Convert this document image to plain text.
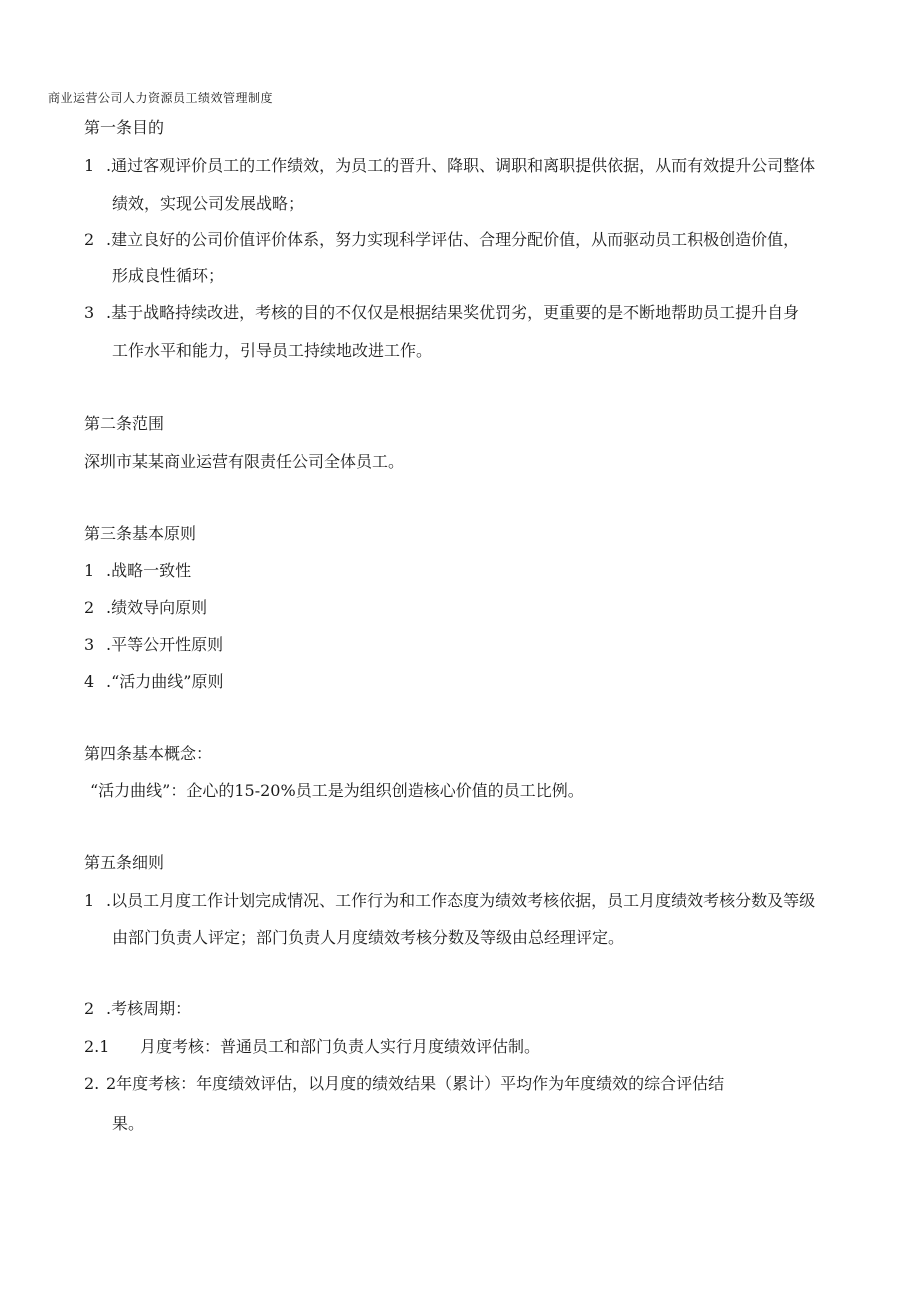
商业运营公司人力资源员工绩效管理制度
第一条目的
1 .通过客观评价员工的工作绩效，为员工的晋升、降职、调职和离职提供依据，从而有效提升公司整体
绩效，实现公司发展战略；
2 .建立良好的公司价值评价体系，努力实现科学评估、合理分配价值，从而驱动员工积极创造价值，
形成良性循环；
3 .基于战略持续改进，考核的目的不仅仅是根据结果奖优罚劣，更重要的是不断地帮助员工提升自身
工作水平和能力，引导员工持续地改进工作。
第二条范围
深圳市某某商业运营有限责任公司全体员工。
第三条基本原则
1 .战略一致性
2 .绩效导向原则
3 .平等公开性原则
4 .“活力曲线”原则
第四条基本概念：
“活力曲线”：企心的15-20%员工是为组织创造核心价值的员工比例。
第五条细则
1 .以员工月度工作计划完成情况、工作行为和工作态度为绩效考核依据，员工月度绩效考核分数及等级
由部门负责人评定；部门负责人月度绩效考核分数及等级由总经理评定。
2 .考核周期：
2.1 月度考核：普通员工和部门负责人实行月度绩效评估制。
2. 2年度考核：年度绩效评估，以月度的绩效结果（累计）平均作为年度绩效的综合评估结
果。
